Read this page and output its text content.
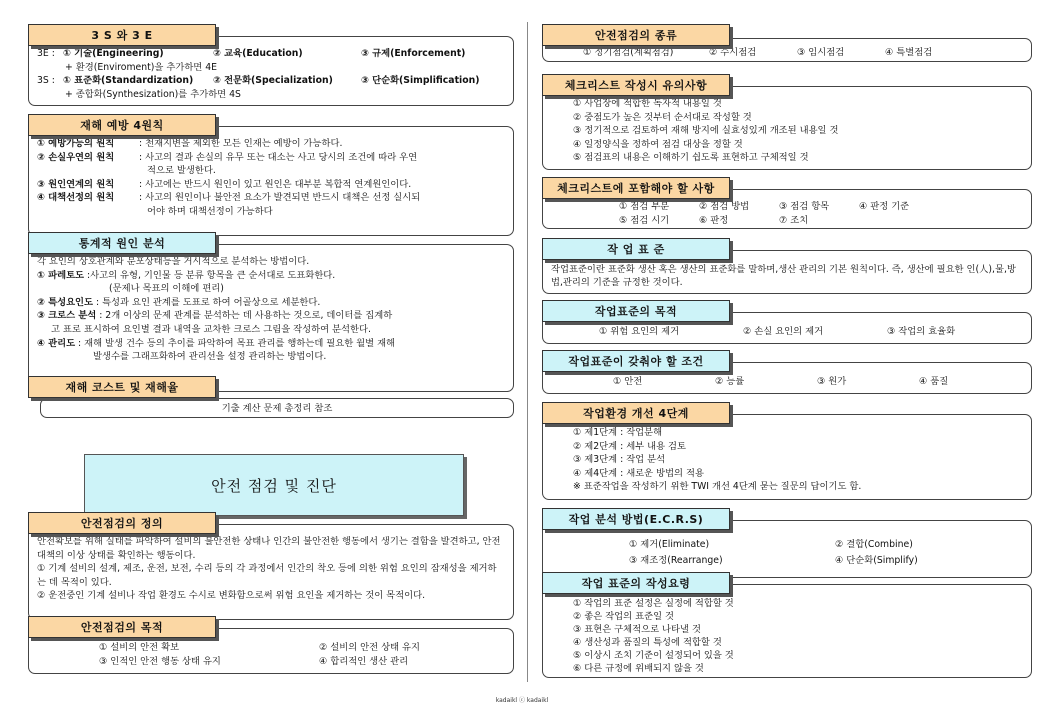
3 S 와 3 E
3E : ① 기술(Engineering)	② 교육(Education)	③ 규제(Enforcement)
+ 환경(Enviroment)을 추가하면 4E
3S : ① 표준화(Standardization)	② 전문화(Specialization)	③ 단순화(Simplification)
+ 종합화(Synthesization)를 추가하면 4S
재해 예방 4원칙
① 예방가능의 원칙	: 천재지변을 제외한 모든 인재는 예방이 가능하다.
② 손실우연의 원칙	: 사고의 결과 손실의 유무 또는 대소는 사고 당시의 조건에 따라 우연
적으로 발생한다.
③ 원인연계의 원칙	: 사고에는 반드시 원인이 있고 원인은 대부분 복합적 연계원인이다.
④ 대책선정의 원칙	: 사고의 원인이나 불안전 요소가 발견되면 반드시 대책은 선정 실시되
어야 하며 대책선정이 가능하다
통계적 원인 분석
각 요인의 상호관계와 분포상태등을 거시적으로 분석하는 방법이다.
① 파레토도 :사고의 유형, 기인물 등 분류 항목을 큰 순서대로 도표화한다.
(문제나 목표의 이해에 편리)
② 특성요인도 : 특성과 요인 관계를 도표로 하여 어골상으로 세분한다.
③ 크로스 분석 : 2개 이상의 문제 관계를 분석하는 데 사용하는 것으로, 데이터를 집계하
고 표로 표시하여 요인별 결과 내역을 교차한 크로스 그림을 작성하여 분석한다.
④ 관리도 : 재해 발생 건수 등의 추이를 파악하여 목표 관리를 행하는데 필요한 월별 재해
발생수를 그래프화하여 관리선을 설정 관리하는 방법이다.
재해 코스트 및 재해율
기출 계산 문제 총정리 참조
안전 점검 및 진단
안전점검의 정의
안전확보를 위해 실태를 파악하여 설비의 불안전한 상태나 인간의 불안전한 행동에서 생기는 결함을 발견하고, 안전 대책의 이상 상태를 확인하는 행동이다.
① 기계 설비의 설계, 제조, 운전, 보전, 수리 등의 각 과정에서 인간의 착오 등에 의한 위험 요인의 잠재성을 제거하는 데 목적이 있다.
② 운전중인 기계 설비나 작업 환경도 수시로 변화함으로써 위험 요인을 제거하는 것이 목적이다.
안전점검의 목적
① 설비의 안전 확보	② 설비의 안전 상태 유지
③ 인적인 안전 행동 상태 유지	④ 합리적인 생산 관리
안전점검의 종류
① 정기점검(계획점검)	② 수시점검	③ 임시점검	④ 특별점검
체크리스트 작성시 유의사항
① 사업장에 적합한 독자적 내용일 것
② 중점도가 높은 것부터 순서대로 작성할 것
③ 정기적으로 검토하여 재해 방지에 실효성있게 개조된 내용일 것
④ 일정양식을 정하여 점검 대상을 정할 것
⑤ 점검표의 내용은 이해하기 쉽도록 표현하고 구체적일 것
체크리스트에 포함해야 할 사항
① 점검 부분	② 점검 방법	③ 점검 항목	④ 판정 기준
⑤ 점검 시기	⑥ 판정	⑦ 조치
작 업 표 준
작업표준이란 표준화 생산 혹은 생산의 표준화를 말하며,생산 관리의 기본 원칙이다. 즉, 생산에 필요한 인(人),물,방법,관리의 기준을 규정한 것이다.
작업표준의 목적
① 위험 요인의 제거	② 손실 요인의 제거	③ 작업의 효율화
작업표준이 갖춰야 할 조건
① 안전	② 능률	③ 원가	④ 품질
작업환경 개선 4단계
① 제1단계 : 작업분해
② 제2단계 : 세부 내용 검토
③ 제3단계 : 작업 분석
④ 제4단계 : 새로운 방법의 적용
※ 표준작업을 작성하기 위한 TWI 개선 4단계 묻는 질문의 답이기도 함.
작업 분석 방법(E.C.R.S)
① 제거(Eliminate)	② 결합(Combine)
③ 재조정(Rearrange)	④ 단순화(Simplify)
작업 표준의 작성요령
① 작업의 표준 설정은 실정에 적합할 것
② 좋은 작업의 표준일 것
③ 표현은 구체적으로 나타낼 것
④ 생산성과 품질의 특성에 적합할 것
⑤ 이상시 조치 기준이 설정되어 있을 것
⑥ 다른 규정에 위배되지 않을 것
kadaikl ⓒ kadaikl
